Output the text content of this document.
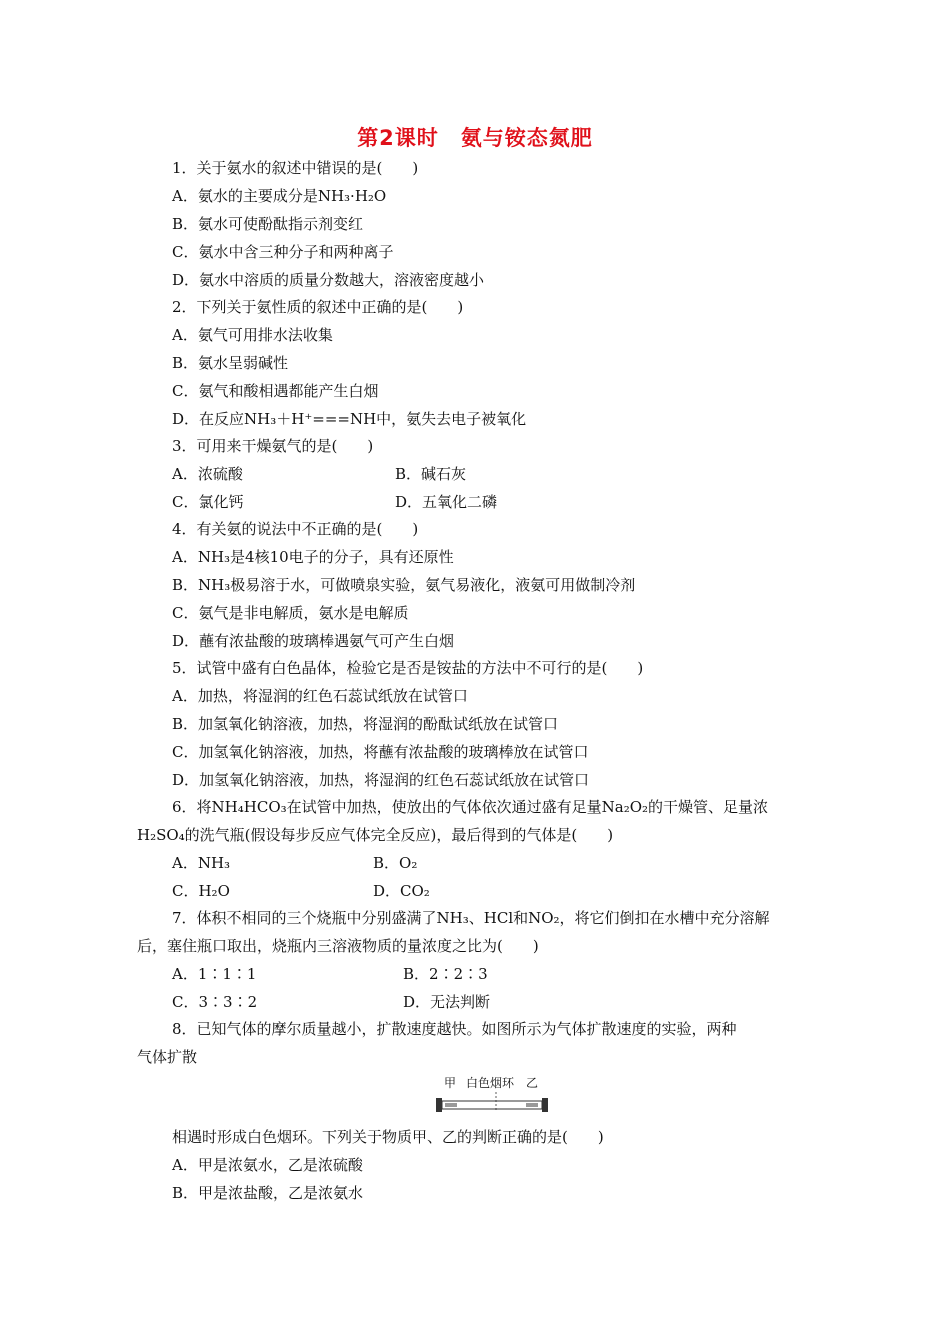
第2课时　氨与铵态氮肥
1．关于氨水的叙述中错误的是(　　)
A．氨水的主要成分是NH₃·H₂O
B．氨水可使酚酞指示剂变红
C．氨水中含三种分子和两种离子
D．氨水中溶质的质量分数越大，溶液密度越小
2．下列关于氨性质的叙述中正确的是(　　)
A．氨气可用排水法收集
B．氨水呈弱碱性
C．氨气和酸相遇都能产生白烟
D．在反应NH₃＋H⁺===NH中，氨失去电子被氧化
3．可用来干燥氨气的是(　　)
A．浓硫酸	B．碱石灰
C．氯化钙	D．五氧化二磷
4．有关氨的说法中不正确的是(　　)
A．NH₃是4核10电子的分子，具有还原性
B．NH₃极易溶于水，可做喷泉实验，氨气易液化，液氨可用做制冷剂
C．氨气是非电解质，氨水是电解质
D．蘸有浓盐酸的玻璃棒遇氨气可产生白烟
5．试管中盛有白色晶体，检验它是否是铵盐的方法中不可行的是(　　)
A．加热，将湿润的红色石蕊试纸放在试管口
B．加氢氧化钠溶液，加热，将湿润的酚酞试纸放在试管口
C．加氢氧化钠溶液，加热，将蘸有浓盐酸的玻璃棒放在试管口
D．加氢氧化钠溶液，加热，将湿润的红色石蕊试纸放在试管口
6．将NH₄HCO₃在试管中加热，使放出的气体依次通过盛有足量Na₂O₂的干燥管、足量浓
H₂SO₄的洗气瓶(假设每步反应气体完全反应)，最后得到的气体是(　　)
A．NH₃	B．O₂
C．H₂O	D．CO₂
7．体积不相同的三个烧瓶中分别盛满了NH₃、HCl和NO₂，将它们倒扣在水槽中充分溶解
后，塞住瓶口取出，烧瓶内三溶液物质的量浓度之比为(　　)
A．1∶1∶1	B．2∶2∶3
C．3∶3∶2	D．无法判断
8．已知气体的摩尔质量越小，扩散速度越快。如图所示为气体扩散速度的实验，两种
气体扩散
甲 白色烟环 乙
相遇时形成白色烟环。下列关于物质甲、乙的判断正确的是(　　)
A．甲是浓氨水，乙是浓硫酸
B．甲是浓盐酸，乙是浓氨水
